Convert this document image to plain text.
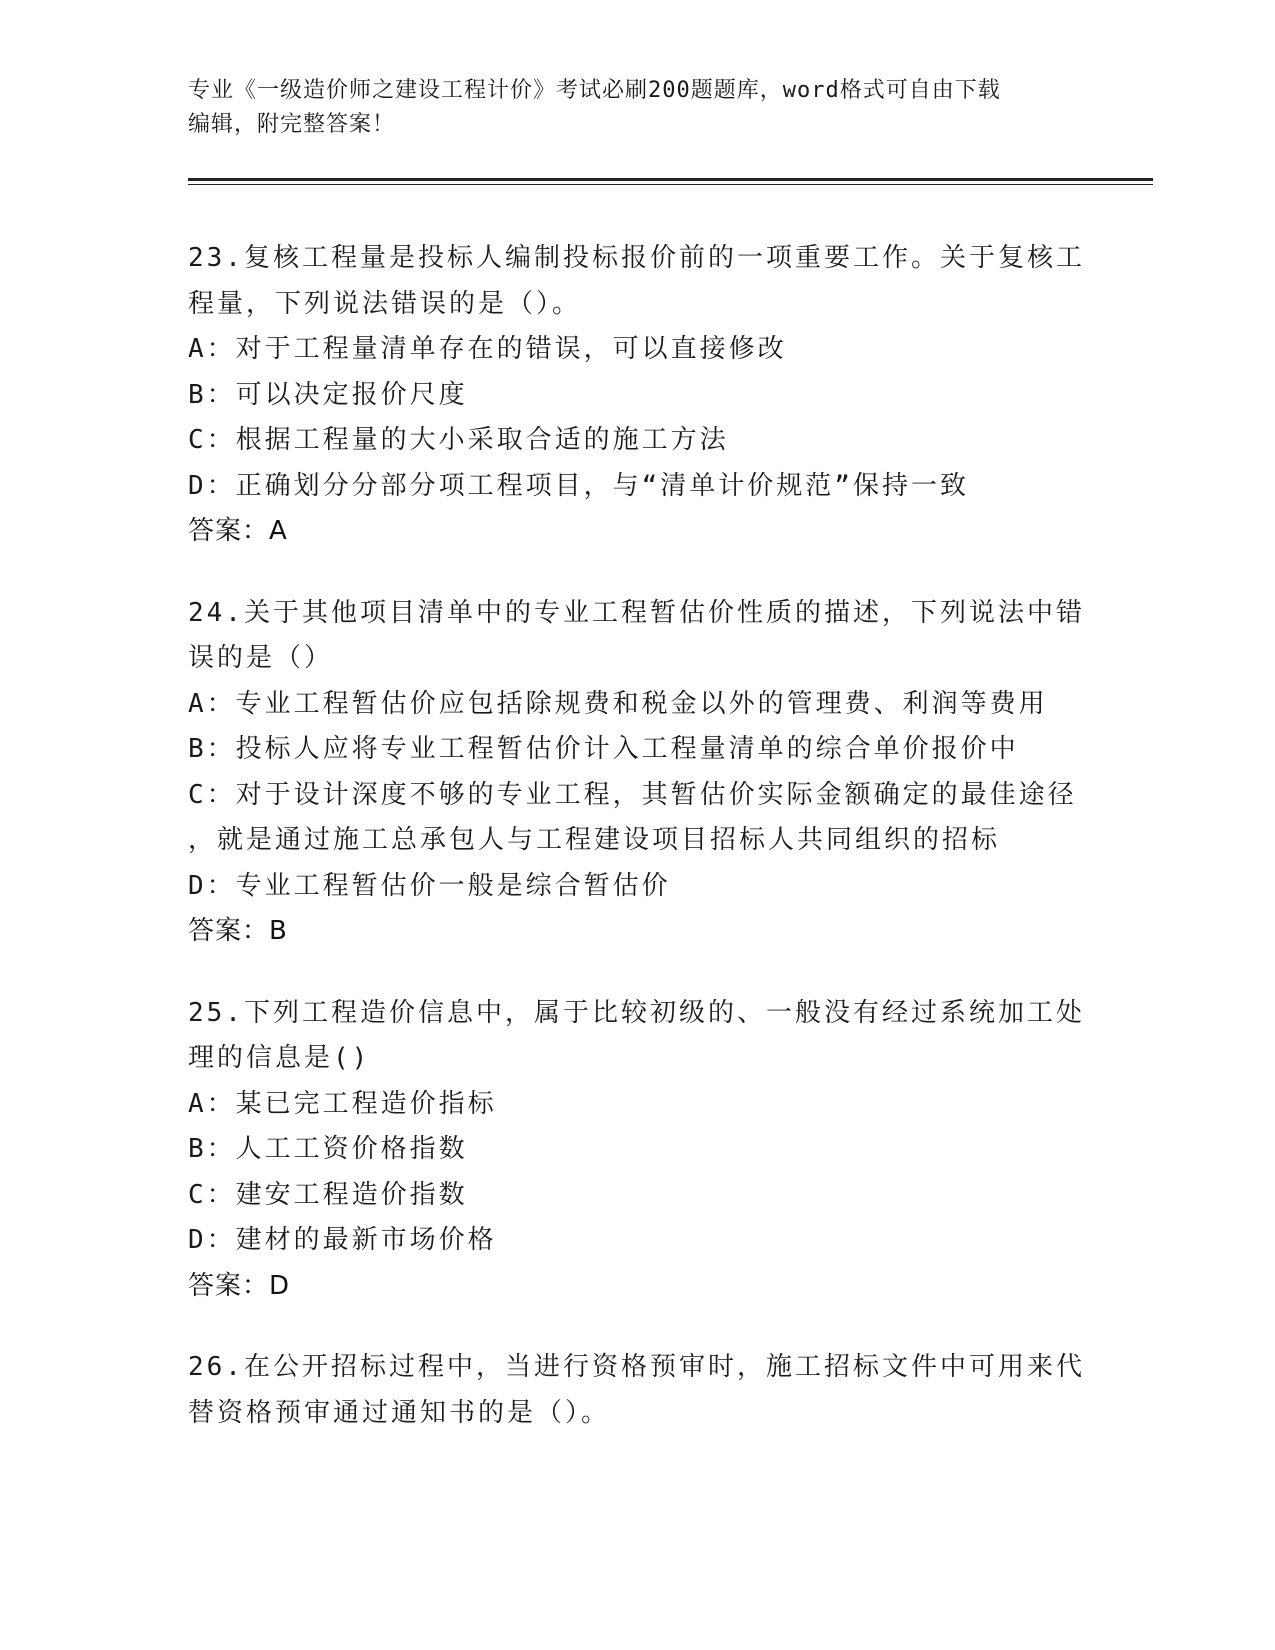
专业《一级造价师之建设工程计价》考试必刷200题题库，word格式可自由下载
编辑，附完整答案！
23.复核工程量是投标人编制投标报价前的一项重要工作。关于复核工
程量，下列说法错误的是（）。
A：对于工程量清单存在的错误，可以直接修改
B：可以决定报价尺度
C：根据工程量的大小采取合适的施工方法
D：正确划分分部分项工程项目，与“清单计价规范”保持一致
答案：A
24.关于其他项目清单中的专业工程暂估价性质的描述，下列说法中错
误的是（）
A：专业工程暂估价应包括除规费和税金以外的管理费、利润等费用
B：投标人应将专业工程暂估价计入工程量清单的综合单价报价中
C：对于设计深度不够的专业工程，其暂估价实际金额确定的最佳途径
，就是通过施工总承包人与工程建设项目招标人共同组织的招标
D：专业工程暂估价一般是综合暂估价
答案：B
25.下列工程造价信息中，属于比较初级的、一般没有经过系统加工处
理的信息是()
A：某已完工程造价指标
B：人工工资价格指数
C：建安工程造价指数
D：建材的最新市场价格
答案：D
26.在公开招标过程中，当进行资格预审时，施工招标文件中可用来代
替资格预审通过通知书的是（）。
